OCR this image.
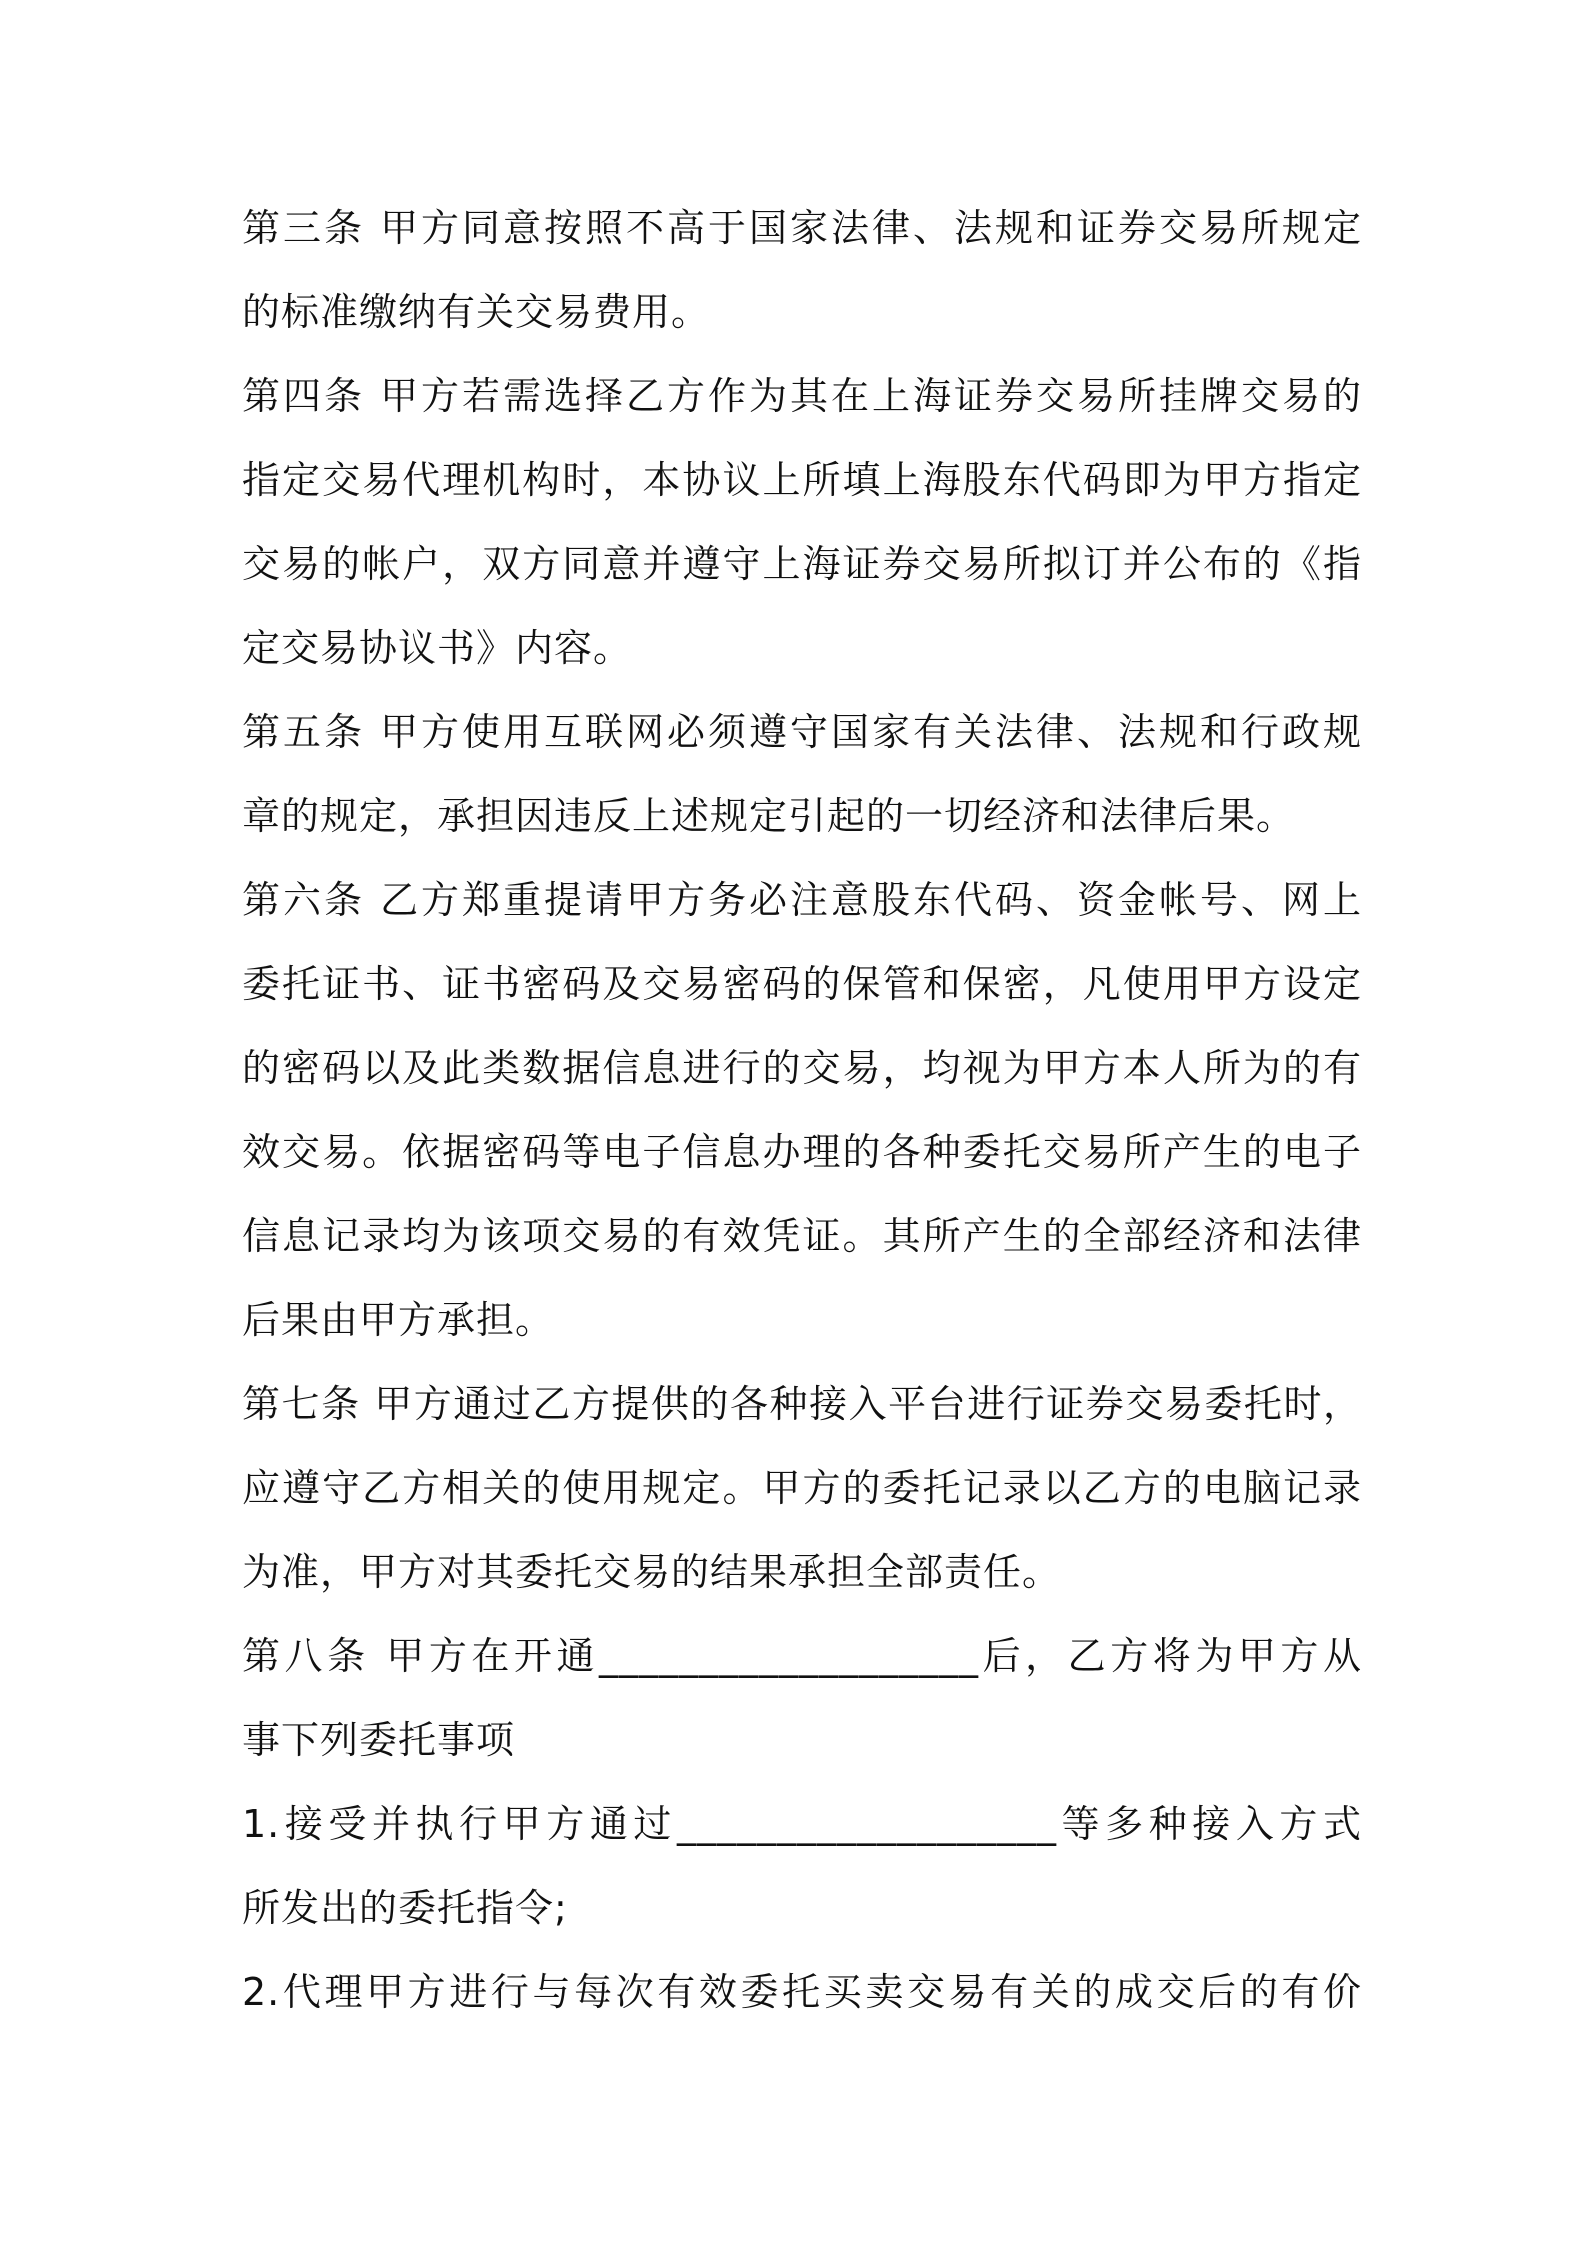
第三条 甲方同意按照不高于国家法律、法规和证券交易所规定
的标准缴纳有关交易费用。
第四条 甲方若需选择乙方作为其在上海证券交易所挂牌交易的
指定交易代理机构时，本协议上所填上海股东代码即为甲方指定
交易的帐户，双方同意并遵守上海证券交易所拟订并公布的《指
定交易协议书》内容。
第五条 甲方使用互联网必须遵守国家有关法律、法规和行政规
章的规定，承担因违反上述规定引起的一切经济和法律后果。
第六条 乙方郑重提请甲方务必注意股东代码、资金帐号、网上
委托证书、证书密码及交易密码的保管和保密，凡使用甲方设定
的密码以及此类数据信息进行的交易，均视为甲方本人所为的有
效交易。依据密码等电子信息办理的各种委托交易所产生的电子
信息记录均为该项交易的有效凭证。其所产生的全部经济和法律
后果由甲方承担。
第七条 甲方通过乙方提供的各种接入平台进行证券交易委托时，
应遵守乙方相关的使用规定。甲方的委托记录以乙方的电脑记录
为准，甲方对其委托交易的结果承担全部责任。
第八条 甲方在开通___________________后，乙方将为甲方从
事下列委托事项
1.接受并执行甲方通过___________________等多种接入方式
所发出的委托指令;
2.代理甲方进行与每次有效委托买卖交易有关的成交后的有价
